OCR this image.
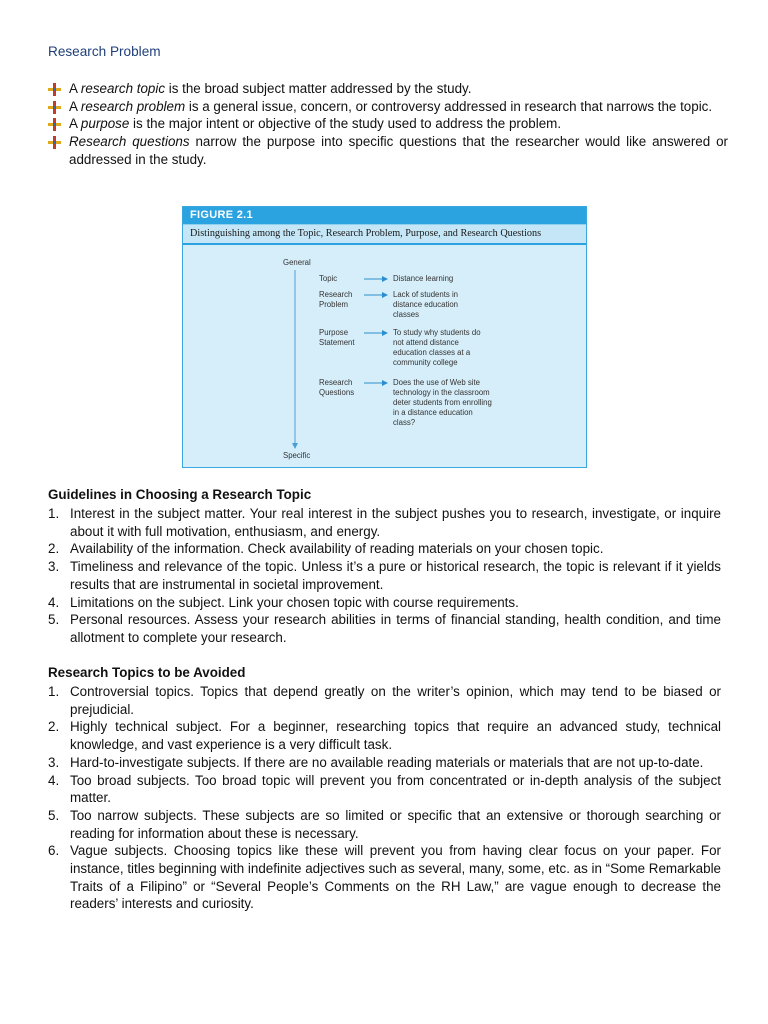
Research Problem
A research topic is the broad subject matter addressed by the study.
A research problem is a general issue, concern, or controversy addressed in research that narrows the topic.
A purpose is the major intent or objective of the study used to address the problem.
Research questions narrow the purpose into specific questions that the researcher would like answered or addressed in the study.
FIGURE 2.1
Distinguishing among the Topic, Research Problem, Purpose, and Research Questions
General
Specific
Topic	Distance learning
Research Problem
Lack of students in distance education classes
Purpose Statement
To study why students do not attend distance education classes at a community college
Research Questions
Does the use of Web site technology in the classroom deter students from enrolling in a distance education class?
Guidelines in Choosing a Research Topic
1. Interest in the subject matter. Your real interest in the subject pushes you to research, investigate, or inquire about it with full motivation, enthusiasm, and energy.
2. Availability of the information. Check availability of reading materials on your chosen topic.
3. Timeliness and relevance of the topic. Unless it’s a pure or historical research, the topic is relevant if it yields results that are instrumental in societal improvement.
4. Limitations on the subject. Link your chosen topic with course requirements.
5. Personal resources. Assess your research abilities in terms of financial standing, health condition, and time allotment to complete your research.
Research Topics to be Avoided
1. Controversial topics. Topics that depend greatly on the writer’s opinion, which may tend to be biased or prejudicial.
2. Highly technical subject. For a beginner, researching topics that require an advanced study, technical knowledge, and vast experience is a very difficult task.
3. Hard-to-investigate subjects. If there are no available reading materials or materials that are not up-to-date.
4. Too broad subjects. Too broad topic will prevent you from concentrated or in-depth analysis of the subject matter.
5. Too narrow subjects. These subjects are so limited or specific that an extensive or thorough searching or reading for information about these is necessary.
6. Vague subjects. Choosing topics like these will prevent you from having clear focus on your paper. For instance, titles beginning with indefinite adjectives such as several, many, some, etc. as in “Some Remarkable Traits of a Filipino” or “Several People’s Comments on the RH Law,” are vague enough to decrease the readers’ interests and curiosity.
